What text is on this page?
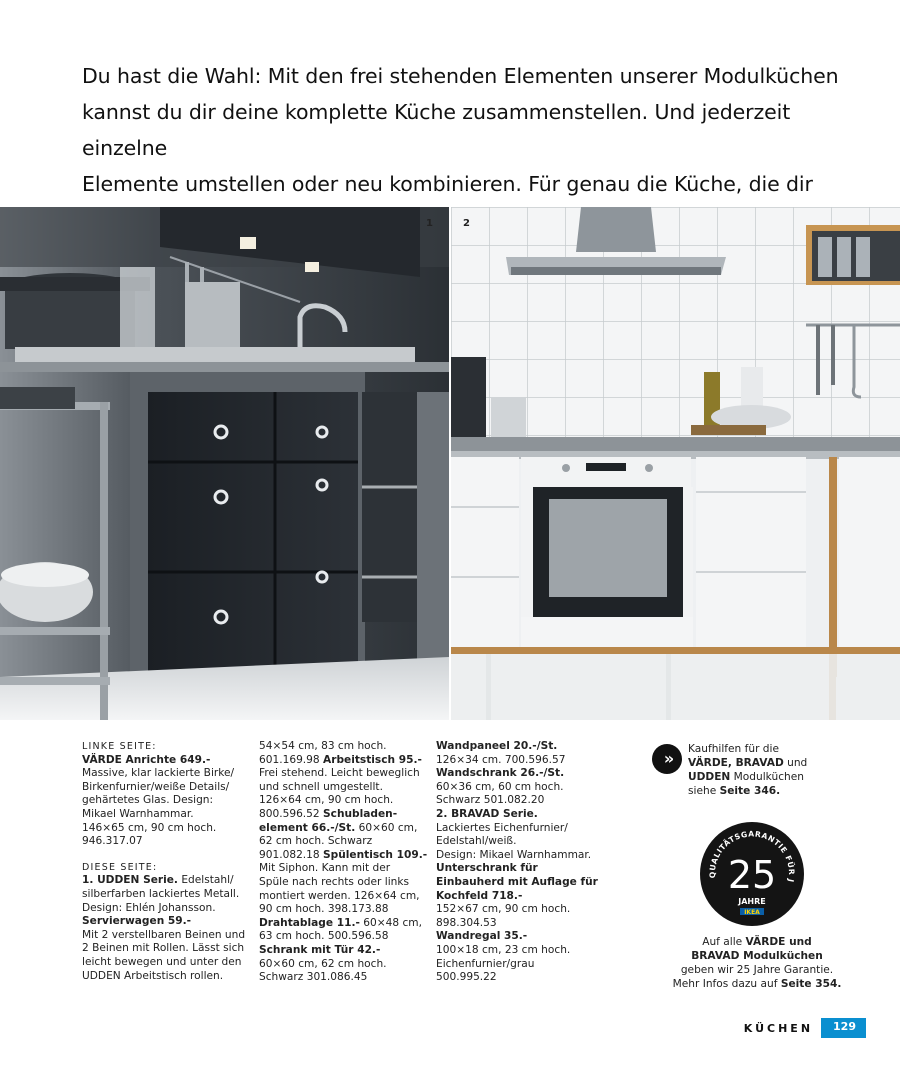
Du hast die Wahl: Mit den frei stehenden Elementen unserer Modulküchen
kannst du dir deine komplette Küche zusammenstellen. Und jederzeit einzelne
Elemente umstellen oder neu kombinieren. Für genau die Küche, die dir
1	2
LINKE SEITE:
VÄRDE Anrichte 649.-
Massive, klar lackierte Birke/
Birkenfurnier/weiße Details/
gehärtetes Glas. Design:
Mikael Warnhammar.
146×65 cm, 90 cm hoch.
946.317.07
DIESE SEITE:
1. UDDEN Serie. Edelstahl/
silberfarben lackiertes Metall.
Design: Ehlén Johansson.
Servierwagen 59.-
Mit 2 verstellbaren Beinen und
2 Beinen mit Rollen. Lässt sich
leicht bewegen und unter den
UDDEN Arbeitstisch rollen.
54×54 cm, 83 cm hoch.
601.169.98 Arbeitstisch 95.-
Frei stehend. Leicht beweglich
und schnell umgestellt.
126×64 cm, 90 cm hoch.
800.596.52 Schubladen-
element 66.-/St. 60×60 cm,
62 cm hoch. Schwarz
901.082.18 Spülentisch 109.-
Mit Siphon. Kann mit der
Spüle nach rechts oder links
montiert werden. 126×64 cm,
90 cm hoch. 398.173.88
Drahtablage 11.- 60×48 cm,
63 cm hoch. 500.596.58
Schrank mit Tür 42.-
60×60 cm, 62 cm hoch.
Schwarz 301.086.45
Wandpaneel 20.-/St.
126×34 cm. 700.596.57
Wandschrank 26.-/St.
60×36 cm, 60 cm hoch.
Schwarz 501.082.20
2. BRAVAD Serie.
Lackiertes Eichenfurnier/
Edelstahl/weiß.
Design: Mikael Warnhammar.
Unterschrank für
Einbauherd mit Auflage für
Kochfeld 718.-
152×67 cm, 90 cm hoch.
898.304.53
Wandregal 35.-
100×18 cm, 23 cm hoch.
Eichenfurnier/grau
500.995.22
»	Kaufhilfen für die
VÄRDE, BRAVAD und
UDDEN Modulküchen
siehe Seite 346.
QUALITÄTSGARANTIE FÜR J
25
JAHRE
IKEA
Auf alle VÄRDE und
BRAVAD Modulküchen
geben wir 25 Jahre Garantie.
Mehr Infos dazu auf Seite 354.
KÜCHEN	129
